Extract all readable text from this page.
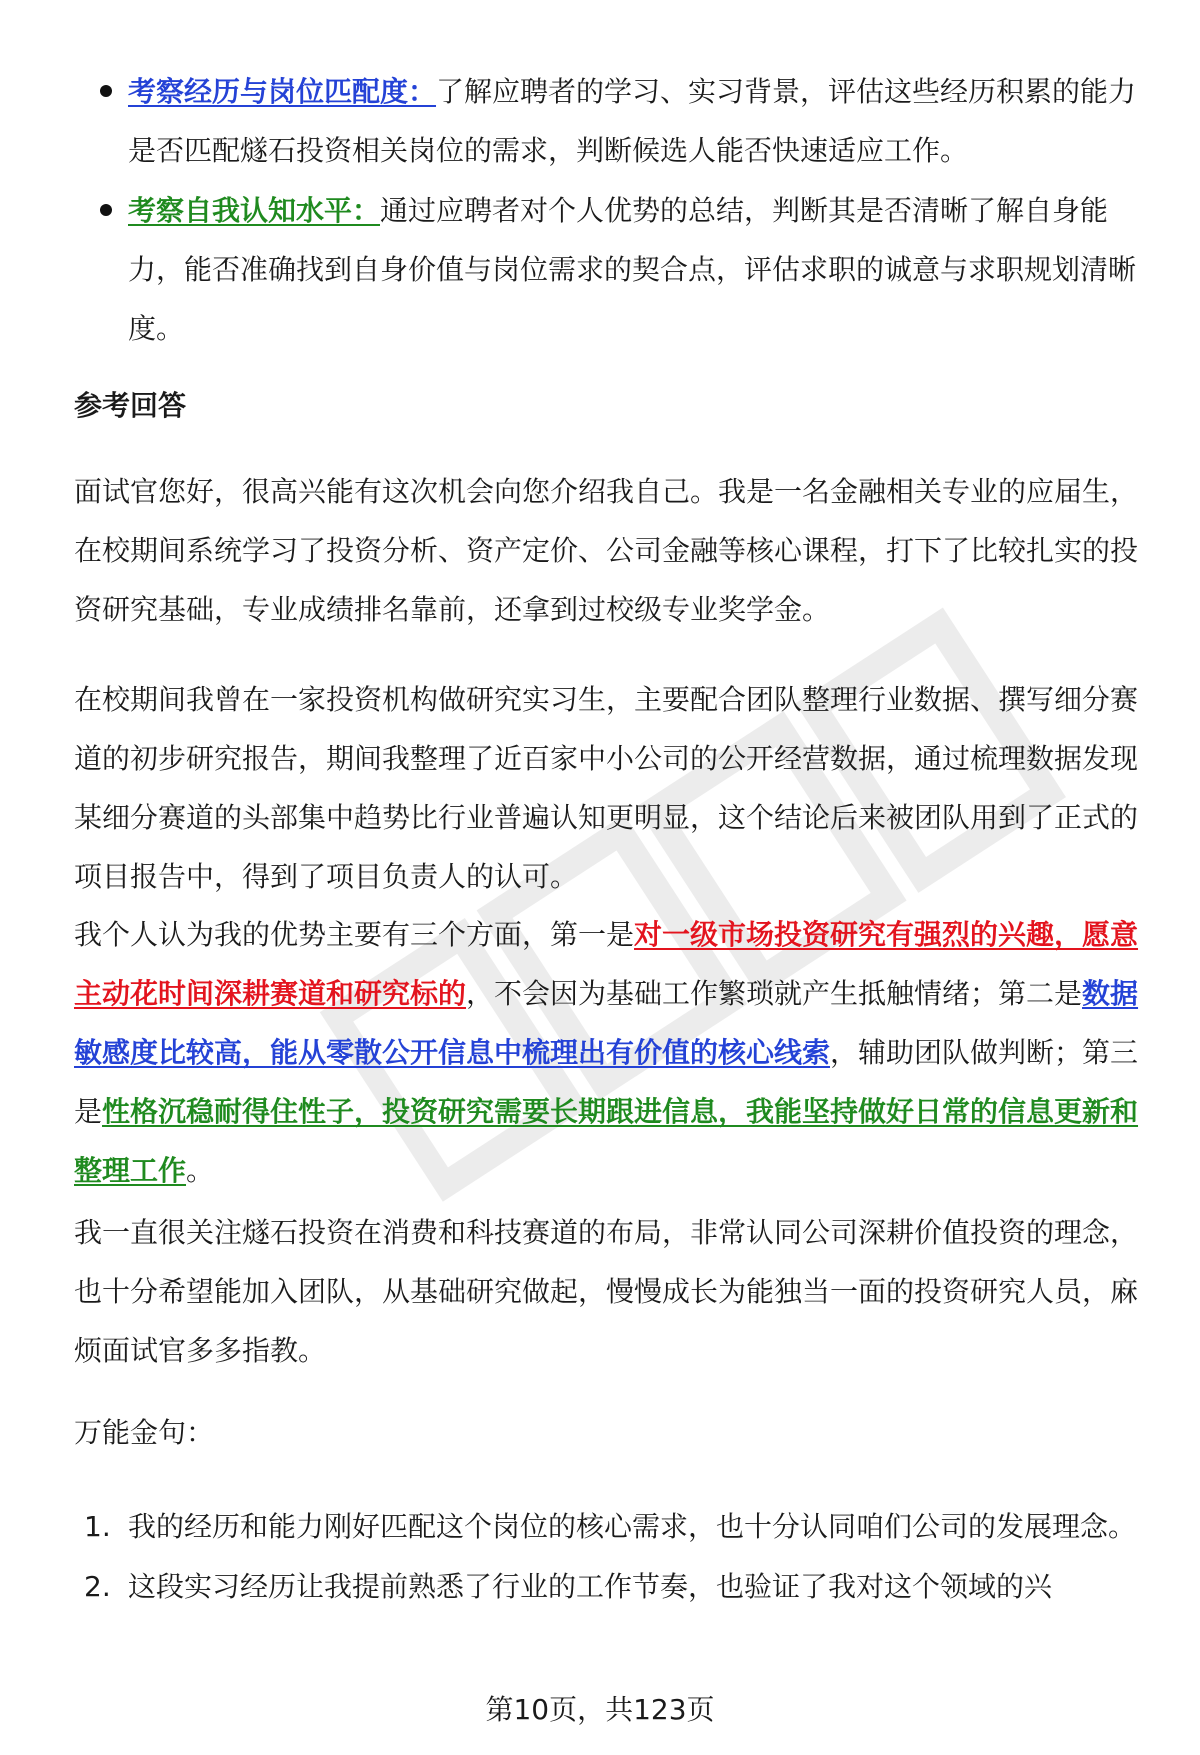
考察经历与岗位匹配度：了解应聘者的学习、实习背景，评估这些经历积累的能力是否匹配燧石投资相关岗位的需求，判断候选人能否快速适应工作。
考察自我认知水平：通过应聘者对个人优势的总结，判断其是否清晰了解自身能力，能否准确找到自身价值与岗位需求的契合点，评估求职的诚意与求职规划清晰度。
参考回答

面试官您好，很高兴能有这次机会向您介绍我自己。我是一名金融相关专业的应届生，在校期间系统学习了投资分析、资产定价、公司金融等核心课程，打下了比较扎实的投资研究基础，专业成绩排名靠前，还拿到过校级专业奖学金。

在校期间我曾在一家投资机构做研究实习生，主要配合团队整理行业数据、撰写细分赛道的初步研究报告，期间我整理了近百家中小公司的公开经营数据，通过梳理数据发现某细分赛道的头部集中趋势比行业普遍认知更明显，这个结论后来被团队用到了正式的项目报告中，得到了项目负责人的认可。

我个人认为我的优势主要有三个方面，第一是对一级市场投资研究有强烈的兴趣，愿意主动花时间深耕赛道和研究标的，不会因为基础工作繁琐就产生抵触情绪；第二是数据敏感度比较高，能从零散公开信息中梳理出有价值的核心线索，辅助团队做判断；第三是性格沉稳耐得住性子，投资研究需要长期跟进信息，我能坚持做好日常的信息更新和整理工作。

我一直很关注燧石投资在消费和科技赛道的布局，非常认同公司深耕价值投资的理念，也十分希望能加入团队，从基础研究做起，慢慢成长为能独当一面的投资研究人员，麻烦面试官多多指教。

万能金句：

1. 我的经历和能力刚好匹配这个岗位的核心需求，也十分认同咱们公司的发展理念。
2. 这段实习经历让我提前熟悉了行业的工作节奏，也验证了我对这个领域的兴
第10页，共123页
